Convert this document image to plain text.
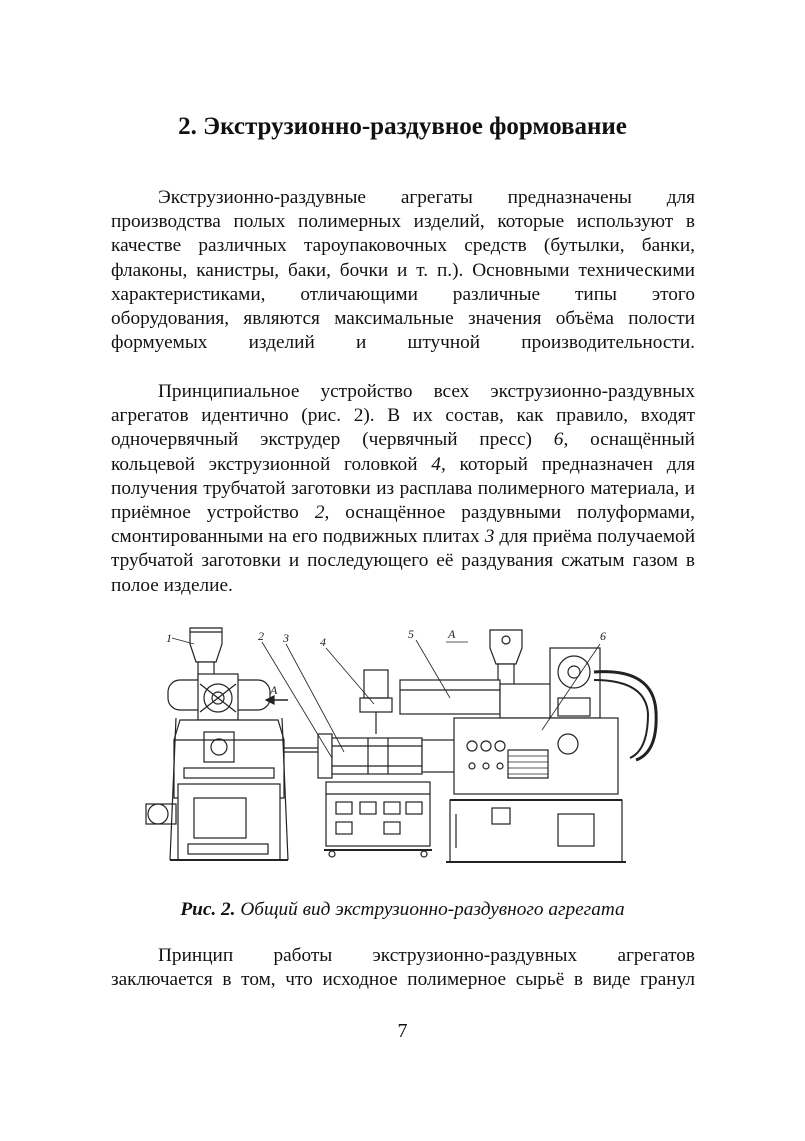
2. Экструзионно-раздувное формование

Экструзионно-раздувные агрегаты предназначены для производства полых полимерных изделий, которые используют в качестве различных тароупаковочных средств (бутылки, банки, флаконы, канистры, баки, бочки и т. п.). Основными техническими характеристиками, отличающими различные типы этого оборудования, являются максимальные значения объёма полости формуемых изделий и штучной производительности.

Принципиальное устройство всех экструзионно-раздувных агрегатов идентично (рис. 2). В их состав, как правило, входят одночервячный экструдер (червячный пресс) 6, оснащённый кольцевой экструзионной головкой 4, который предназначен для получения трубчатой заготовки из расплава полимерного материала, и приёмное устройство 2, оснащённое раздувными полуформами, смонтированными на его подвижных плитах 3 для приёма получаемой трубчатой заготовки и последующего её раздувания сжатым газом в полое изделие.

1	2 3	4
5	6
А
А
Рис. 2. Общий вид экструзионно-раздувного агрегата

Принцип работы экструзионно-раздувных агрегатов заключается в том, что исходное полимерное сырьё в виде гранул

7
